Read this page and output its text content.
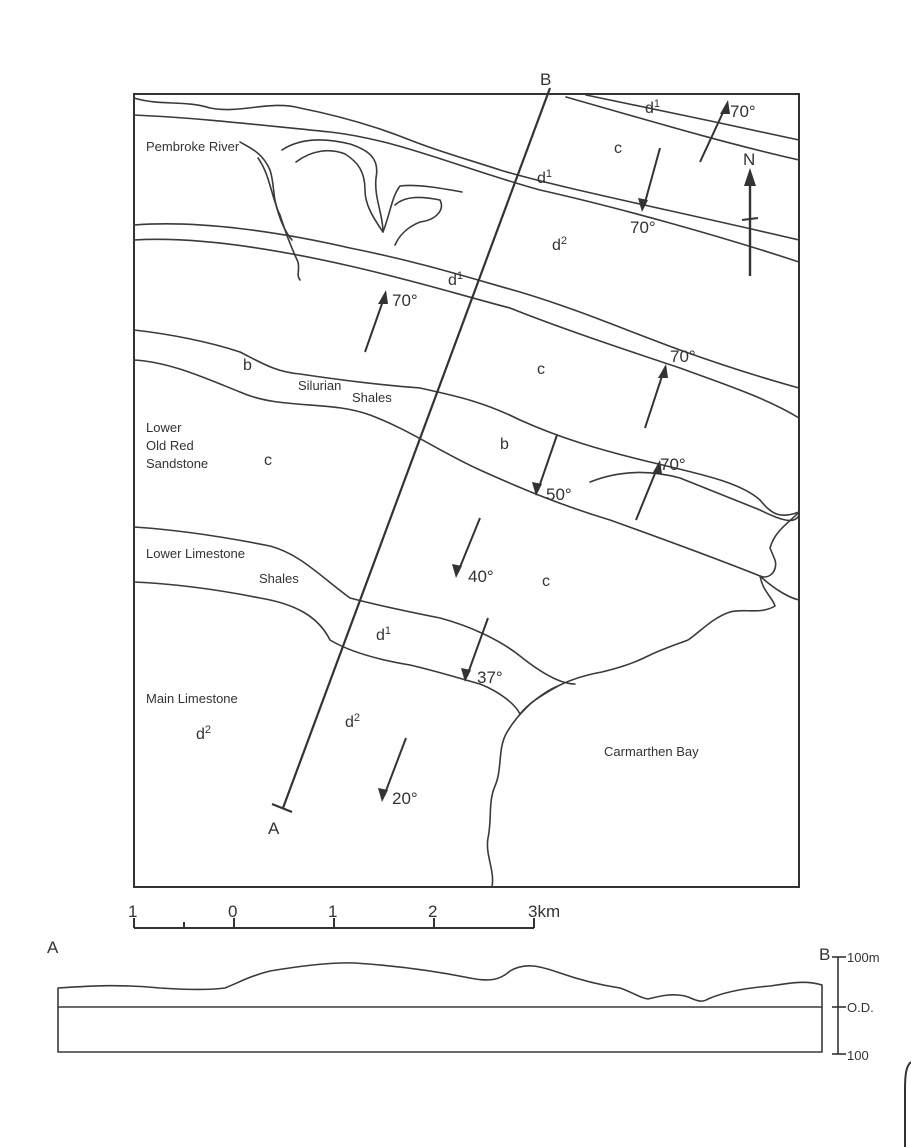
B
A
N
70°
70°
70°
70°
70°
50°
40°
37°
20°
$d^1$
c
$d^1$
$d^2$
$d^1$
b	c
b
c
c
$d^1$
$d^2$
$d^2$
Pembroke River
Silurian
Shales
Lower
Old Red
Sandstone
Lower Limestone
Shales
Main Limestone
Carmarthen Bay
1	0	1	2	3km
A	B 100m
O.D.
100
